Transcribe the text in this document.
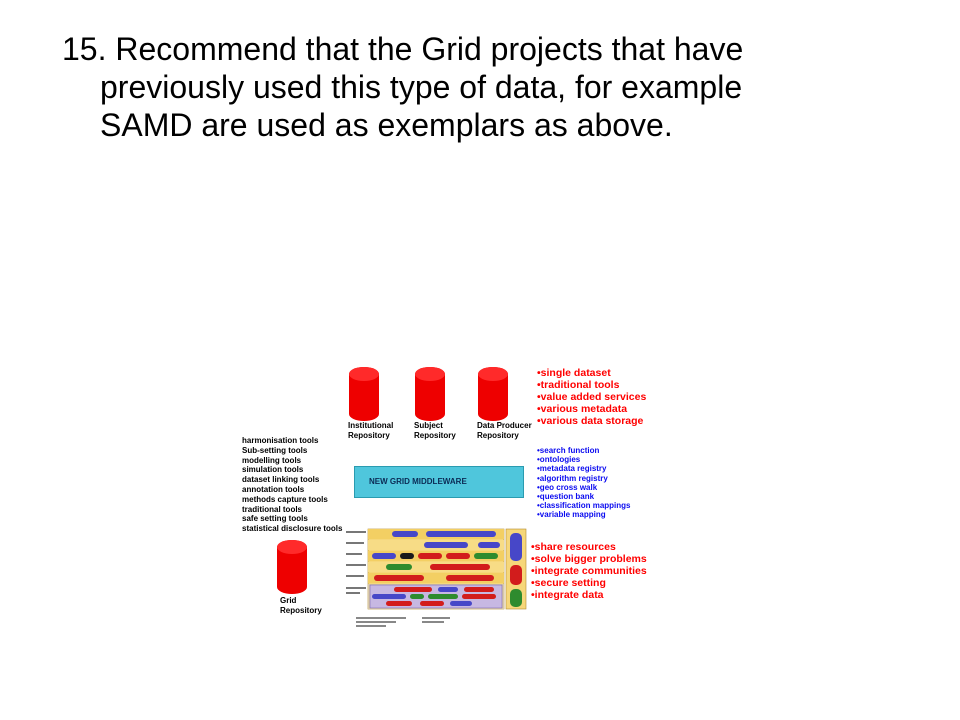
15. Recommend that the Grid projects that have
previously used this type of data, for example
SAMD are used as exemplars as above.
Institutional
Repository
Subject
Repository
Data Producer
Repository
Grid
Repository
harmonisation tools
Sub-setting tools
modelling tools
simulation tools
dataset linking tools
annotation tools
methods capture tools
traditional tools
safe setting tools
statistical disclosure tools
NEW GRID MIDDLEWARE
•single dataset
•traditional tools
•value added services
•various metadata
•various data storage
•search function
•ontologies
•metadata registry
•algorithm registry
•geo cross walk
•question bank
•classification mappings
•variable mapping
•share resources
•solve bigger problems
•integrate communities
•secure setting
•integrate data
